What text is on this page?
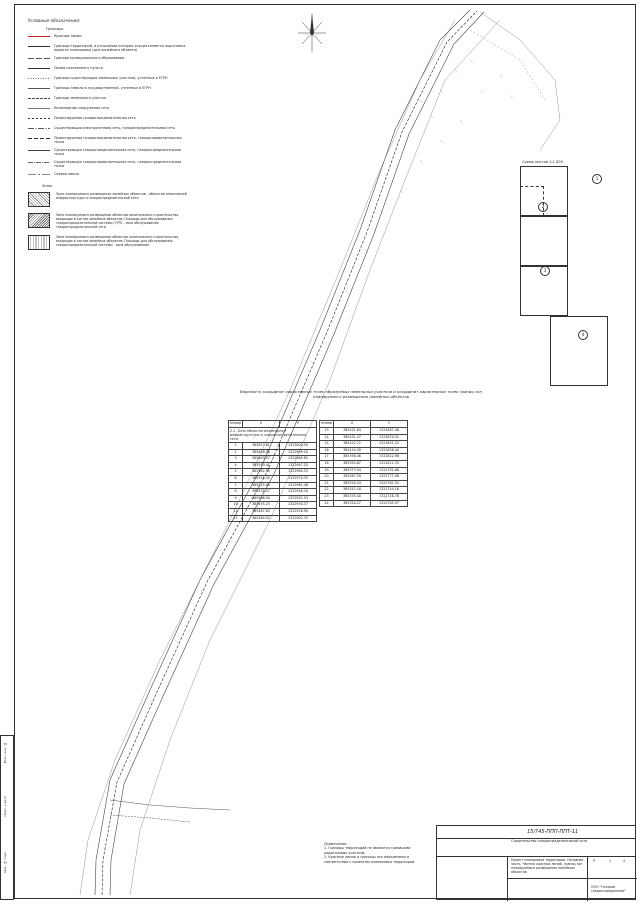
Взам. инв. №
Подп. и дата
Инв. № подл.
Условные обозначения:
Границы
Красные линии
Границы территорий, в отношении которых осуществляется подготовка проекта планировки (для линейного объекта)
Граница муниципального образования
Линия населенного пункта
Граница существующих земельных участков, учтенных в ЕГРН
Границы земель в государственной, учтенных в ЕГРН
Граница земельного участка
Инженерные сооружения сеть
Проектируемая газораспределительная сеть
Существующая электросетевая сеть, газораспределительная сеть
Проектируемая газораспределительная сеть, газораспределительная точка
Существующая газораспределительная сеть, газораспределительная точка
Существующая газораспределительная сеть, газораспределительная точка
Осевая линия
Зоны
Зона планируемого размещения линейных объектов - объектов инженерной инфраструктуры и газораспределительной сети
Зона планируемого размещения объектов капитального строительства, входящих в состав линейных объектов. Площадь для обслуживания газораспределительной системы (ГРП) - зона обслуживания газораспределительной сети
Зона планируемого размещения объектов капитального строительства, входящих в состав линейных объектов. Площадь для обслуживания газораспределительной системы - зона обслуживания
Схема листов 1:1 000
1
2
3
4
Ведомость координат характерных точек образуемых земельных участков и координат характерных точек границ зон планируемого размещения линейных объектов
Номер	X	Y
2.1. Зона объектов инженерной инфраструктуры и газораспределительной сети		
1	385627.61	1323000.59
2	385638.76	1322999.20
3	385603.57	1322989.85
4	385593.41	1322987.25
5	385582.75	1322980.53
6	385555.35	1322970.35
7	385545.09	1322961.48
8	385531.27	1322946.30
9	385506.50	1322932.53
10	385495.25	1322930.37
11	385467.85	1322916.90
12	385460.52	1322902.33
Номер	X	Y
13	385451.84	1322887.48
14	385431.47	1322870.52
15	385422.72	1322851.22
16	385410.39	1322836.40
17	385398.46	1322822.98
18	385394.67	1322812.35
19	385373.94	1322791.66
20	385367.59	1322777.08
21	385350.34	1322762.55
22	385342.18	1322744.16
23	385335.40	1322726.78
24	385320.27	1322705.97
Примечания:
1. Границы территорий не являются границами кадастровых участков.
2. Красные линии и границы зон определены в соответствии с проектом планировки территории.
15/745-ППП-ППТ-11
Строительство газораспределительной сети
Проект планировки территории. Основная часть. Чертеж красных линий, границ зон планируемого размещения линейных объектов
П	1	4
ООО "Газпром газораспределение"
